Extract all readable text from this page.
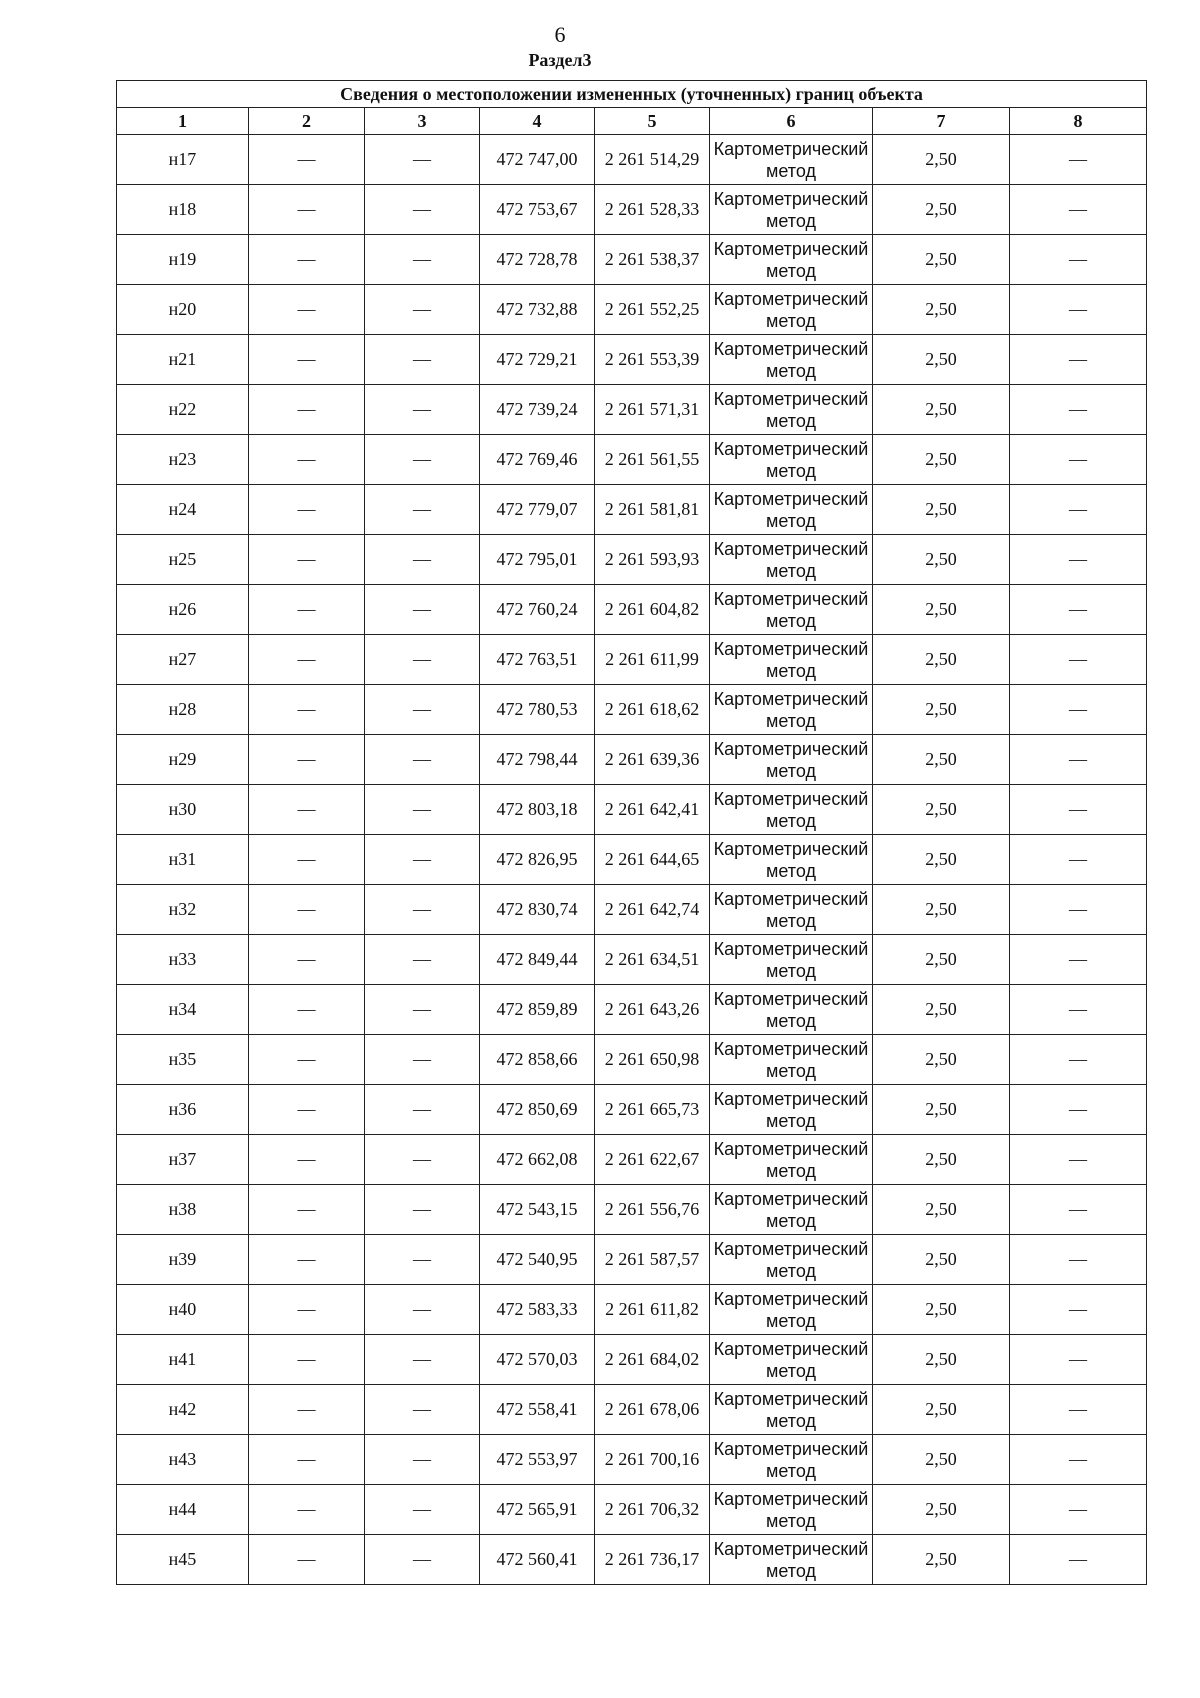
6
Раздел3
Сведения о местоположении измененных (уточненных) границ объекта							
1	2	3	4	5	6	7	8
н17	—	—	472 747,00	2 261 514,29	Картометрический метод	2,50	—
н18	—	—	472 753,67	2 261 528,33	Картометрический метод	2,50	—
н19	—	—	472 728,78	2 261 538,37	Картометрический метод	2,50	—
н20	—	—	472 732,88	2 261 552,25	Картометрический метод	2,50	—
н21	—	—	472 729,21	2 261 553,39	Картометрический метод	2,50	—
н22	—	—	472 739,24	2 261 571,31	Картометрический метод	2,50	—
н23	—	—	472 769,46	2 261 561,55	Картометрический метод	2,50	—
н24	—	—	472 779,07	2 261 581,81	Картометрический метод	2,50	—
н25	—	—	472 795,01	2 261 593,93	Картометрический метод	2,50	—
н26	—	—	472 760,24	2 261 604,82	Картометрический метод	2,50	—
н27	—	—	472 763,51	2 261 611,99	Картометрический метод	2,50	—
н28	—	—	472 780,53	2 261 618,62	Картометрический метод	2,50	—
н29	—	—	472 798,44	2 261 639,36	Картометрический метод	2,50	—
н30	—	—	472 803,18	2 261 642,41	Картометрический метод	2,50	—
н31	—	—	472 826,95	2 261 644,65	Картометрический метод	2,50	—
н32	—	—	472 830,74	2 261 642,74	Картометрический метод	2,50	—
н33	—	—	472 849,44	2 261 634,51	Картометрический метод	2,50	—
н34	—	—	472 859,89	2 261 643,26	Картометрический метод	2,50	—
н35	—	—	472 858,66	2 261 650,98	Картометрический метод	2,50	—
н36	—	—	472 850,69	2 261 665,73	Картометрический метод	2,50	—
н37	—	—	472 662,08	2 261 622,67	Картометрический метод	2,50	—
н38	—	—	472 543,15	2 261 556,76	Картометрический метод	2,50	—
н39	—	—	472 540,95	2 261 587,57	Картометрический метод	2,50	—
н40	—	—	472 583,33	2 261 611,82	Картометрический метод	2,50	—
н41	—	—	472 570,03	2 261 684,02	Картометрический метод	2,50	—
н42	—	—	472 558,41	2 261 678,06	Картометрический метод	2,50	—
н43	—	—	472 553,97	2 261 700,16	Картометрический метод	2,50	—
н44	—	—	472 565,91	2 261 706,32	Картометрический метод	2,50	—
н45	—	—	472 560,41	2 261 736,17	Картометрический метод	2,50	—
